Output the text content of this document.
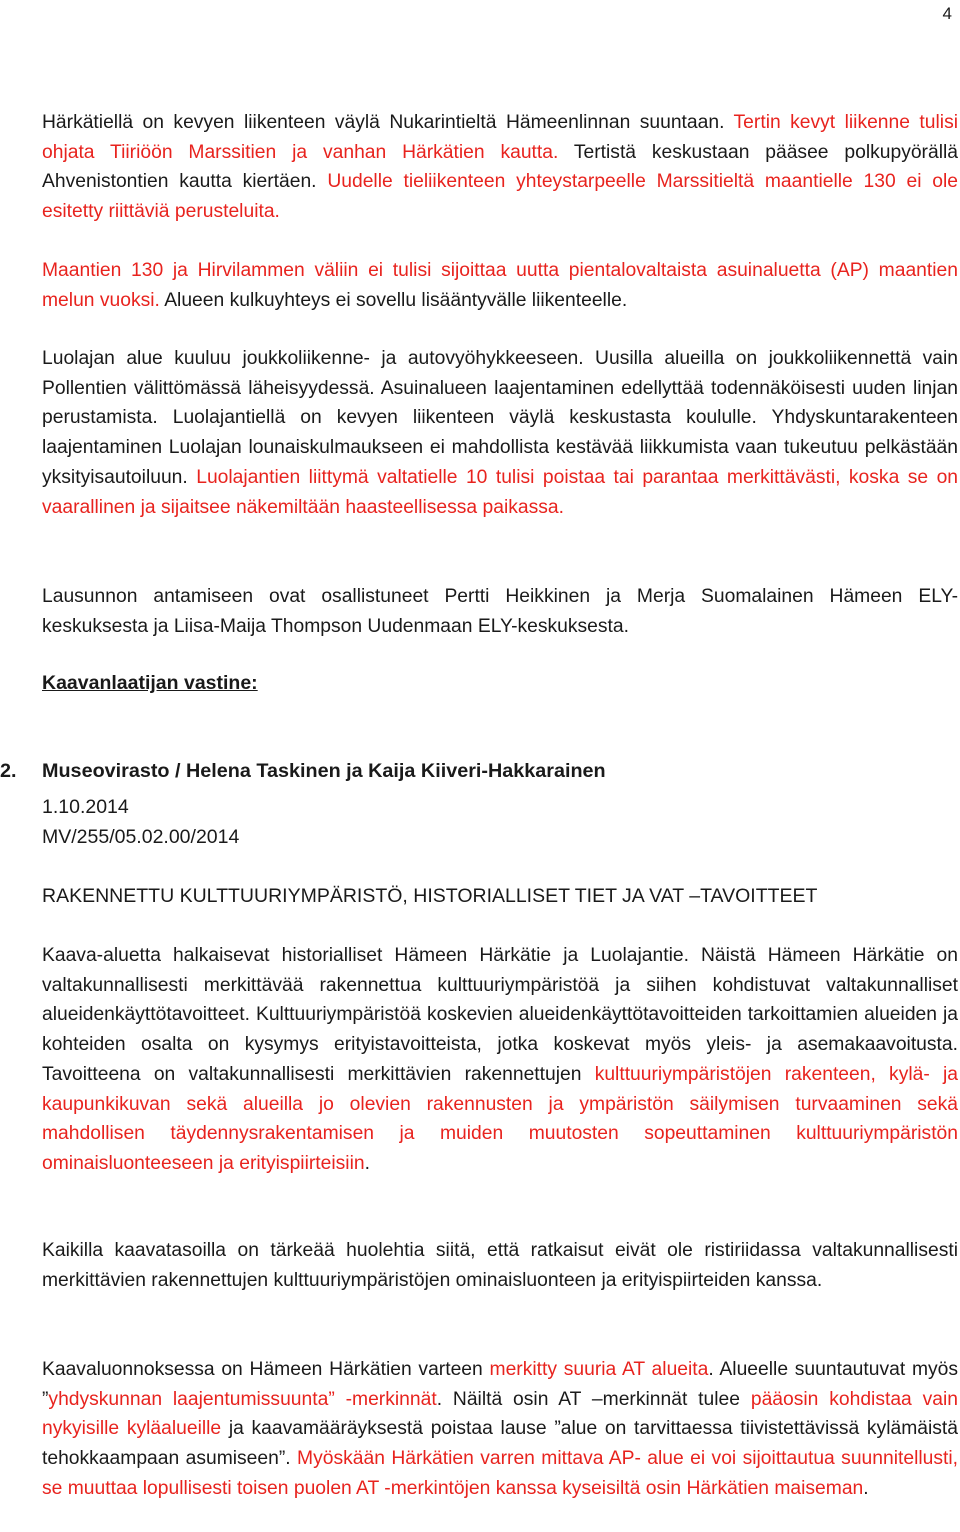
4

Härkätiellä on kevyen liikenteen väylä Nukarintieltä Hämeenlinnan suuntaan. Tertin kevyt liikenne tulisi ohjata Tiiriöön Marssitien ja vanhan Härkätien kautta. Tertistä keskustaan pääsee polkupyörällä Ahvenistontien kautta kiertäen. Uudelle tieliikenteen yhteystarpeelle Marssitieltä maantielle 130 ei ole esitetty riittäviä perusteluita.

Maantien 130 ja Hirvilammen väliin ei tulisi sijoittaa uutta pientalovaltaista asuinaluetta (AP) maantien melun vuoksi. Alueen kulkuyhteys ei sovellu lisääntyvälle liikenteelle.

Luolajan alue kuuluu joukkoliikenne- ja autovyöhykkeeseen. Uusilla alueilla on joukkoliikennettä vain Pollentien välittömässä läheisyydessä. Asuinalueen laajentaminen edellyttää todennäköisesti uuden linjan perustamista. Luolajantiellä on kevyen liikenteen väylä keskustasta koululle. Yhdyskuntarakenteen laajentaminen Luolajan lounaiskulmaukseen ei mahdollista kestävää liikkumista vaan tukeutuu pelkästään yksityisautoiluun. Luolajantien liittymä valtatielle 10 tulisi poistaa tai parantaa merkittävästi, koska se on vaarallinen ja sijaitsee näkemiltään haasteellisessa paikassa.

Lausunnon antamiseen ovat osallistuneet Pertti Heikkinen ja Merja Suomalainen Hämeen ELY-keskuksesta ja Liisa-Maija Thompson Uudenmaan ELY-keskuksesta.

Kaavanlaatijan vastine:

2. Museovirasto / Helena Taskinen ja Kaija Kiiveri-Hakkarainen

1.10.2014

MV/255/05.02.00/2014

RAKENNETTU KULTTUURIYMPÄRISTÖ, HISTORIALLISET TIET JA VAT –TAVOITTEET

Kaava-aluetta halkaisevat historialliset Hämeen Härkätie ja Luolajantie. Näistä Hämeen Härkätie on valtakunnallisesti merkittävää rakennettua kulttuuriympäristöä ja siihen kohdistuvat valtakunnalliset alueidenkäyttötavoitteet. Kulttuuriympäristöä koskevien alueidenkäyttötavoitteiden tarkoittamien alueiden ja kohteiden osalta on kysymys erityistavoitteista, jotka koskevat myös yleis- ja asemakaavoitusta. Tavoitteena on valtakunnallisesti merkittävien rakennettujen kulttuuriympäristöjen rakenteen, kylä- ja kaupunkikuvan sekä alueilla jo olevien rakennusten ja ympäristön säilymisen turvaaminen sekä mahdollisen täydennysrakentamisen ja muiden muutosten sopeuttaminen kulttuuriympäristön ominaisluonteeseen ja erityispiirteisiin.

Kaikilla kaavatasoilla on tärkeää huolehtia siitä, että ratkaisut eivät ole ristiriidassa valtakunnallisesti merkittävien rakennettujen kulttuuriympäristöjen ominaisluonteen ja erityispiirteiden kanssa.

Kaavaluonnoksessa on Hämeen Härkätien varteen merkitty suuria AT alueita. Alueelle suuntautuvat myös ”yhdyskunnan laajentumissuunta” -merkinnät. Näiltä osin AT –merkinnät tulee pääosin kohdistaa vain nykyisille kyläalueille ja kaavamääräyksestä poistaa lause ”alue on tarvittaessa tiivistettävissä kylämäistä tehokkaampaan asumiseen”. Myöskään Härkätien varren mittava AP- alue ei voi sijoittautua suunnitellusti, se muuttaa lopullisesti toisen puolen AT -merkintöjen kanssa kyseisiltä osin Härkätien maiseman.
